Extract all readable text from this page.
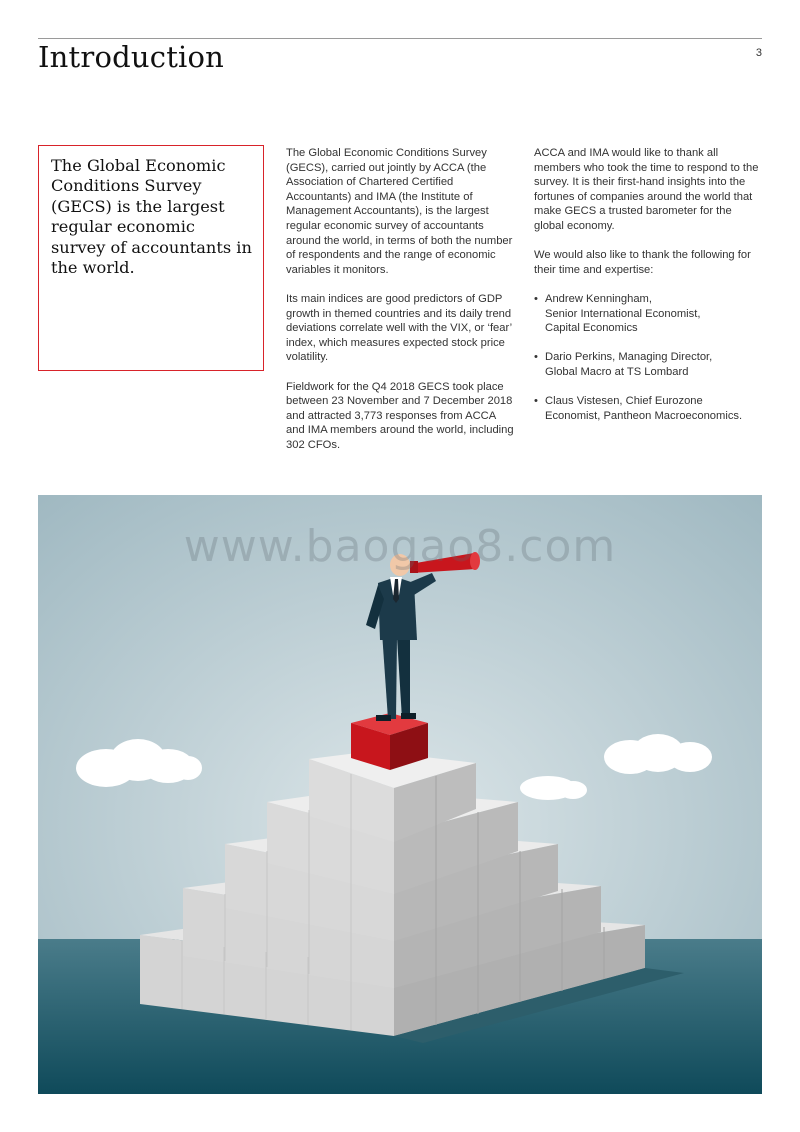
Introduction	3
The Global Economic Conditions Survey (GECS) is the largest regular economic survey of accountants in the world.

The Global Economic Conditions Survey (GECS), carried out jointly by ACCA (the Association of Chartered Certified Accountants) and IMA (the Institute of Management Accountants), is the largest regular economic survey of accountants around the world, in terms of both the number of respondents and the range of economic variables it monitors.

Its main indices are good predictors of GDP growth in themed countries and its daily trend deviations correlate well with the VIX, or ‘fear’ index, which measures expected stock price volatility.

Fieldwork for the Q4 2018 GECS took place between 23 November and 7 December 2018 and attracted 3,773 responses from ACCA and IMA members around the world, including 302 CFOs.

ACCA and IMA would like to thank all members who took the time to respond to the survey. It is their first-hand insights into the fortunes of companies around the world that make GECS a trusted barometer for the global economy.

We would also like to thank the following for their time and expertise:

• Andrew Kenningham,
Senior International Economist,
Capital Economics
• Dario Perkins, Managing Director,
Global Macro at TS Lombard
• Claus Vistesen, Chief Eurozone
Economist, Pantheon Macroeconomics.
www.baogao8.com
